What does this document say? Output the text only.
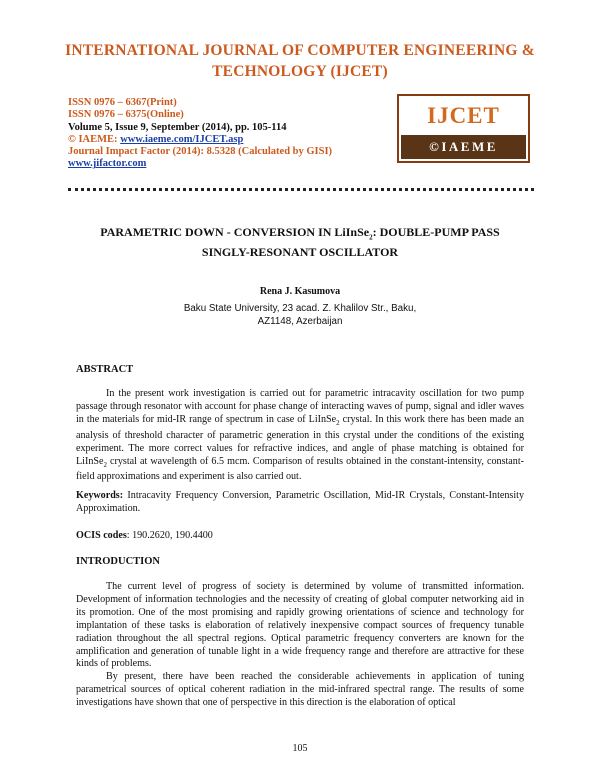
INTERNATIONAL JOURNAL OF COMPUTER ENGINEERING &
TECHNOLOGY (IJCET)
ISSN 0976 – 6367(Print)
ISSN 0976 – 6375(Online)
Volume 5, Issue 9, September (2014), pp. 105-114
© IAEME: www.iaeme.com/IJCET.asp
Journal Impact Factor (2014): 8.5328 (Calculated by GISI)
www.jifactor.com
IJCET
©IAEME
PARAMETRIC DOWN - CONVERSION IN LiInSe$_2$: DOUBLE-PUMP PASS
SINGLY-RESONANT OSCILLATOR
Rena J. Kasumova
Baku State University, 23 acad. Z. Khalilov Str., Baku,
AZ1148, Azerbaijan
ABSTRACT

In the present work investigation is carried out for parametric intracavity oscillation for two pump passage through resonator with account for phase change of interacting waves of pump, signal and idler waves in the materials for mid-IR range of spectrum in case of LiInSe$_2$ crystal. In this work there has been made an analysis of threshold character of parametric generation in this crystal under the conditions of the existing experiment. The more correct values for refractive indices, and angle of phase matching is obtained for LiInSe$_2$ crystal at wavelength of 6.5 mcm. Comparison of results obtained in the constant-intensity, constant-field approximations and experiment is also carried out.

Keywords: Intracavity Frequency Conversion, Parametric Oscillation, Mid-IR Crystals, Constant-Intensity Approximation.
OCIS codes: 190.2620, 190.4400
INTRODUCTION

The current level of progress of society is determined by volume of transmitted information. Development of information technologies and the necessity of creating of global computer networking aid in its promotion. One of the most promising and rapidly growing orientations of science and technology for implantation of these tasks is elaboration of relatively inexpensive compact sources of frequency tunable radiation throughout the all spectral regions. Optical parametric frequency converters are known for the amplification and generation of tunable light in a wide frequency range and therefore are attractive for these kinds of problems.

By present, there have been reached the considerable achievements in application of tuning parametrical sources of optical coherent radiation in the mid-infrared spectral range. The results of some investigations have shown that one of perspective in this direction is the elaboration of optical

105
